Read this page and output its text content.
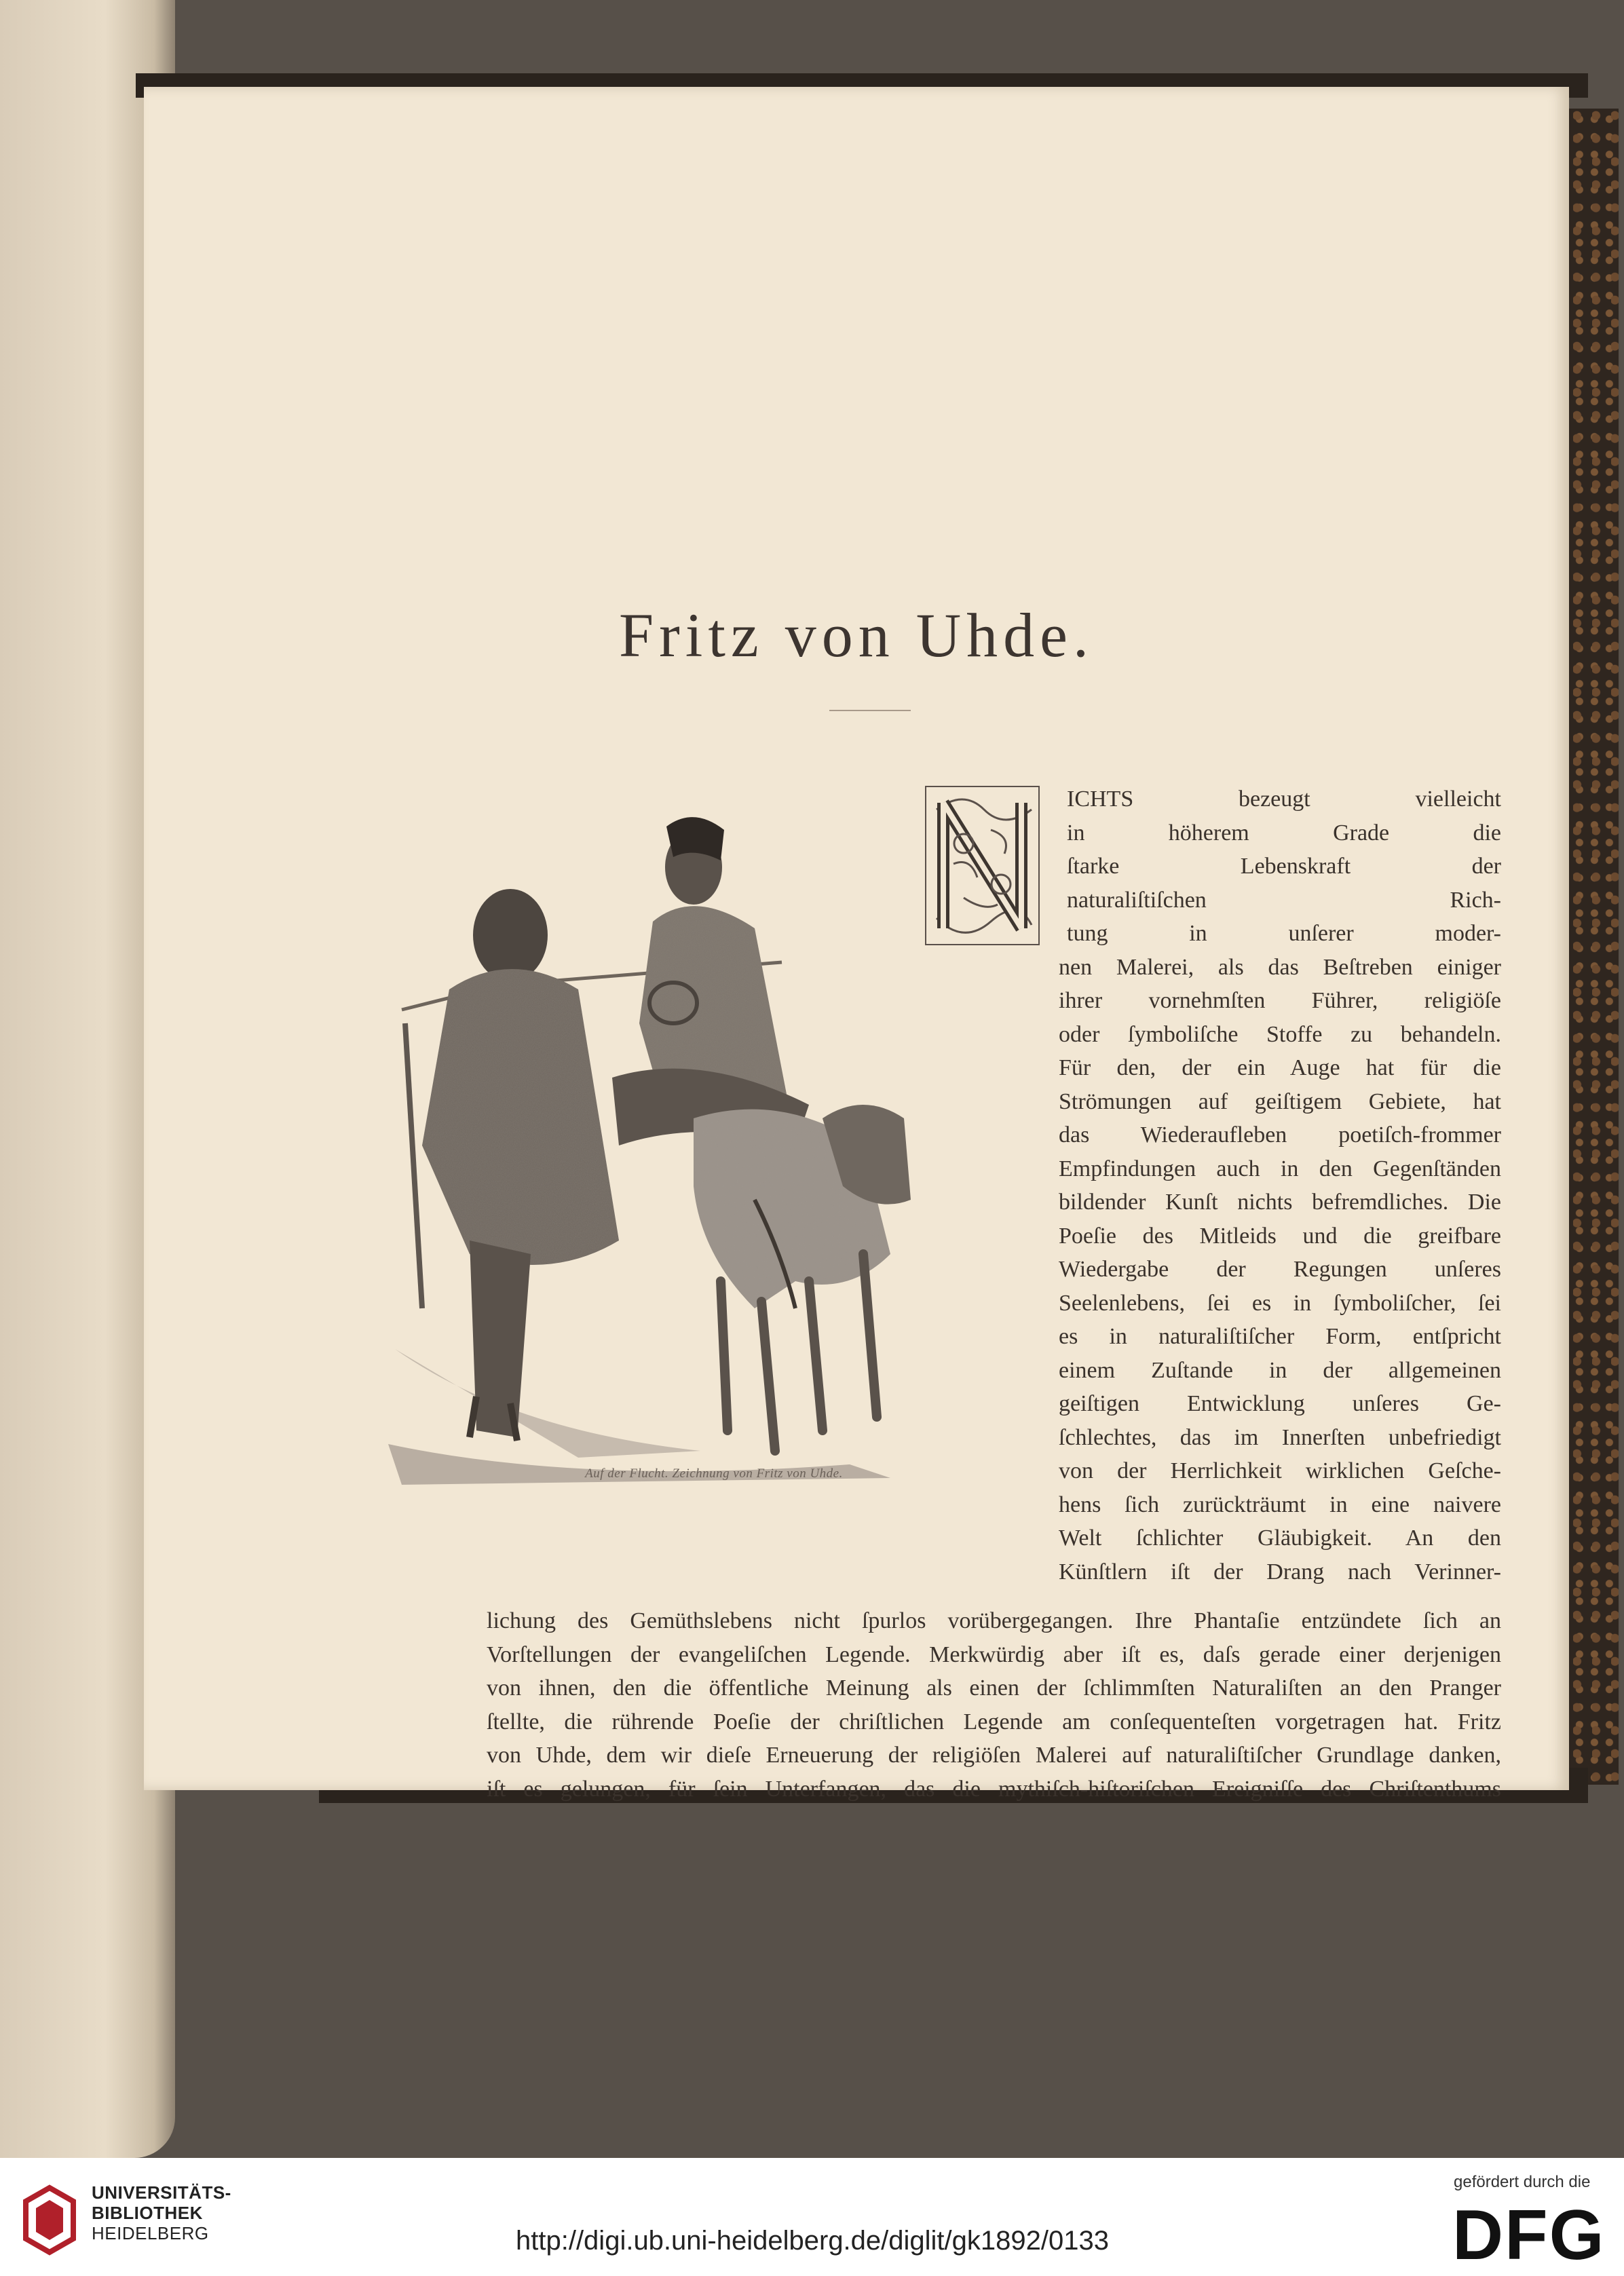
Fritz von Uhde.
Auf der Flucht. Zeichnung von Fritz von Uhde.
ICHTS bezeugt vielleicht
in höherem Grade die
ſtarke Lebenskraft der
naturaliſtiſchen Rich-
tung in unſerer moder-
nen Malerei, als das Beſtreben einiger
ihrer vornehmſten Führer, religiöſe
oder ſymboliſche Stoffe zu behandeln.
Für den, der ein Auge hat für die
Strömungen auf geiſtigem Gebiete, hat
das Wiederaufleben poetiſch-frommer
Empfindungen auch in den Gegenſtänden
bildender Kunſt nichts befremdliches. Die
Poeſie des Mitleids und die greifbare
Wiedergabe der Regungen unſeres
Seelenlebens, ſei es in ſymboliſcher, ſei
es in naturaliſtiſcher Form, entſpricht
einem Zuſtande in der allgemeinen
geiſtigen Entwicklung unſeres Ge-
ſchlechtes, das im Innerſten unbefriedigt
von der Herrlichkeit wirklichen Geſche-
hens ſich zurückträumt in eine naivere
Welt ſchlichter Gläubigkeit. An den
Künſtlern iſt der Drang nach Verinner-
lichung des Gemüthslebens nicht ſpurlos vorübergegangen. Ihre Phantaſie entzündete ſich an
Vorſtellungen der evangeliſchen Legende. Merkwürdig aber iſt es, daſs gerade einer derjenigen
von ihnen, den die öffentliche Meinung als einen der ſchlimmſten Naturaliſten an den Pranger
ſtellte, die rührende Poeſie der chriſtlichen Legende am conſequenteſten vorgetragen hat. Fritz
von Uhde, dem wir dieſe Erneuerung der religiöſen Malerei auf naturaliſtiſcher Grundlage danken,
iſt es gelungen, für ſein Unterfangen, das die mythiſch-hiſtoriſchen Ereigniſſe des Chriſtenthums
UNIVERSITÄTS-
BIBLIOTHEK
HEIDELBERG	http://digi.ub.uni-heidelberg.de/diglit/gk1892/0133
gefördert durch die
DFG
